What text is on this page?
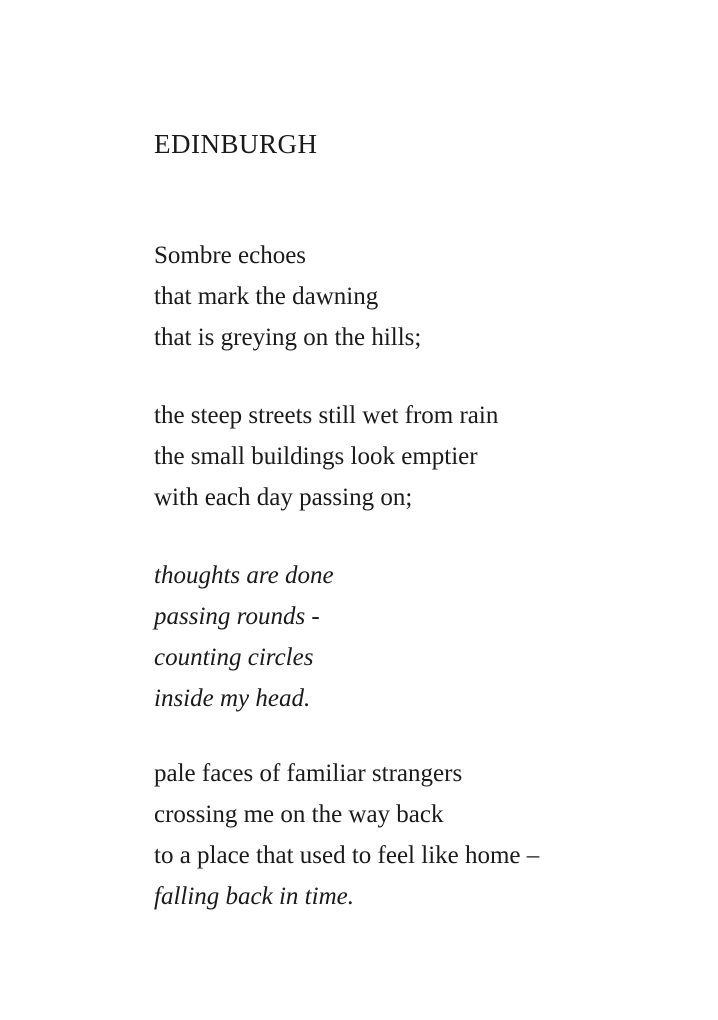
EDINBURGH
Sombre echoes
that mark the dawning
that is greying on the hills;
the steep streets still wet from rain
the small buildings look emptier
with each day passing on;
thoughts are done
passing rounds -
counting circles
inside my head.
pale faces of familiar strangers
crossing me on the way back
to a place that used to feel like home –
falling back in time.
